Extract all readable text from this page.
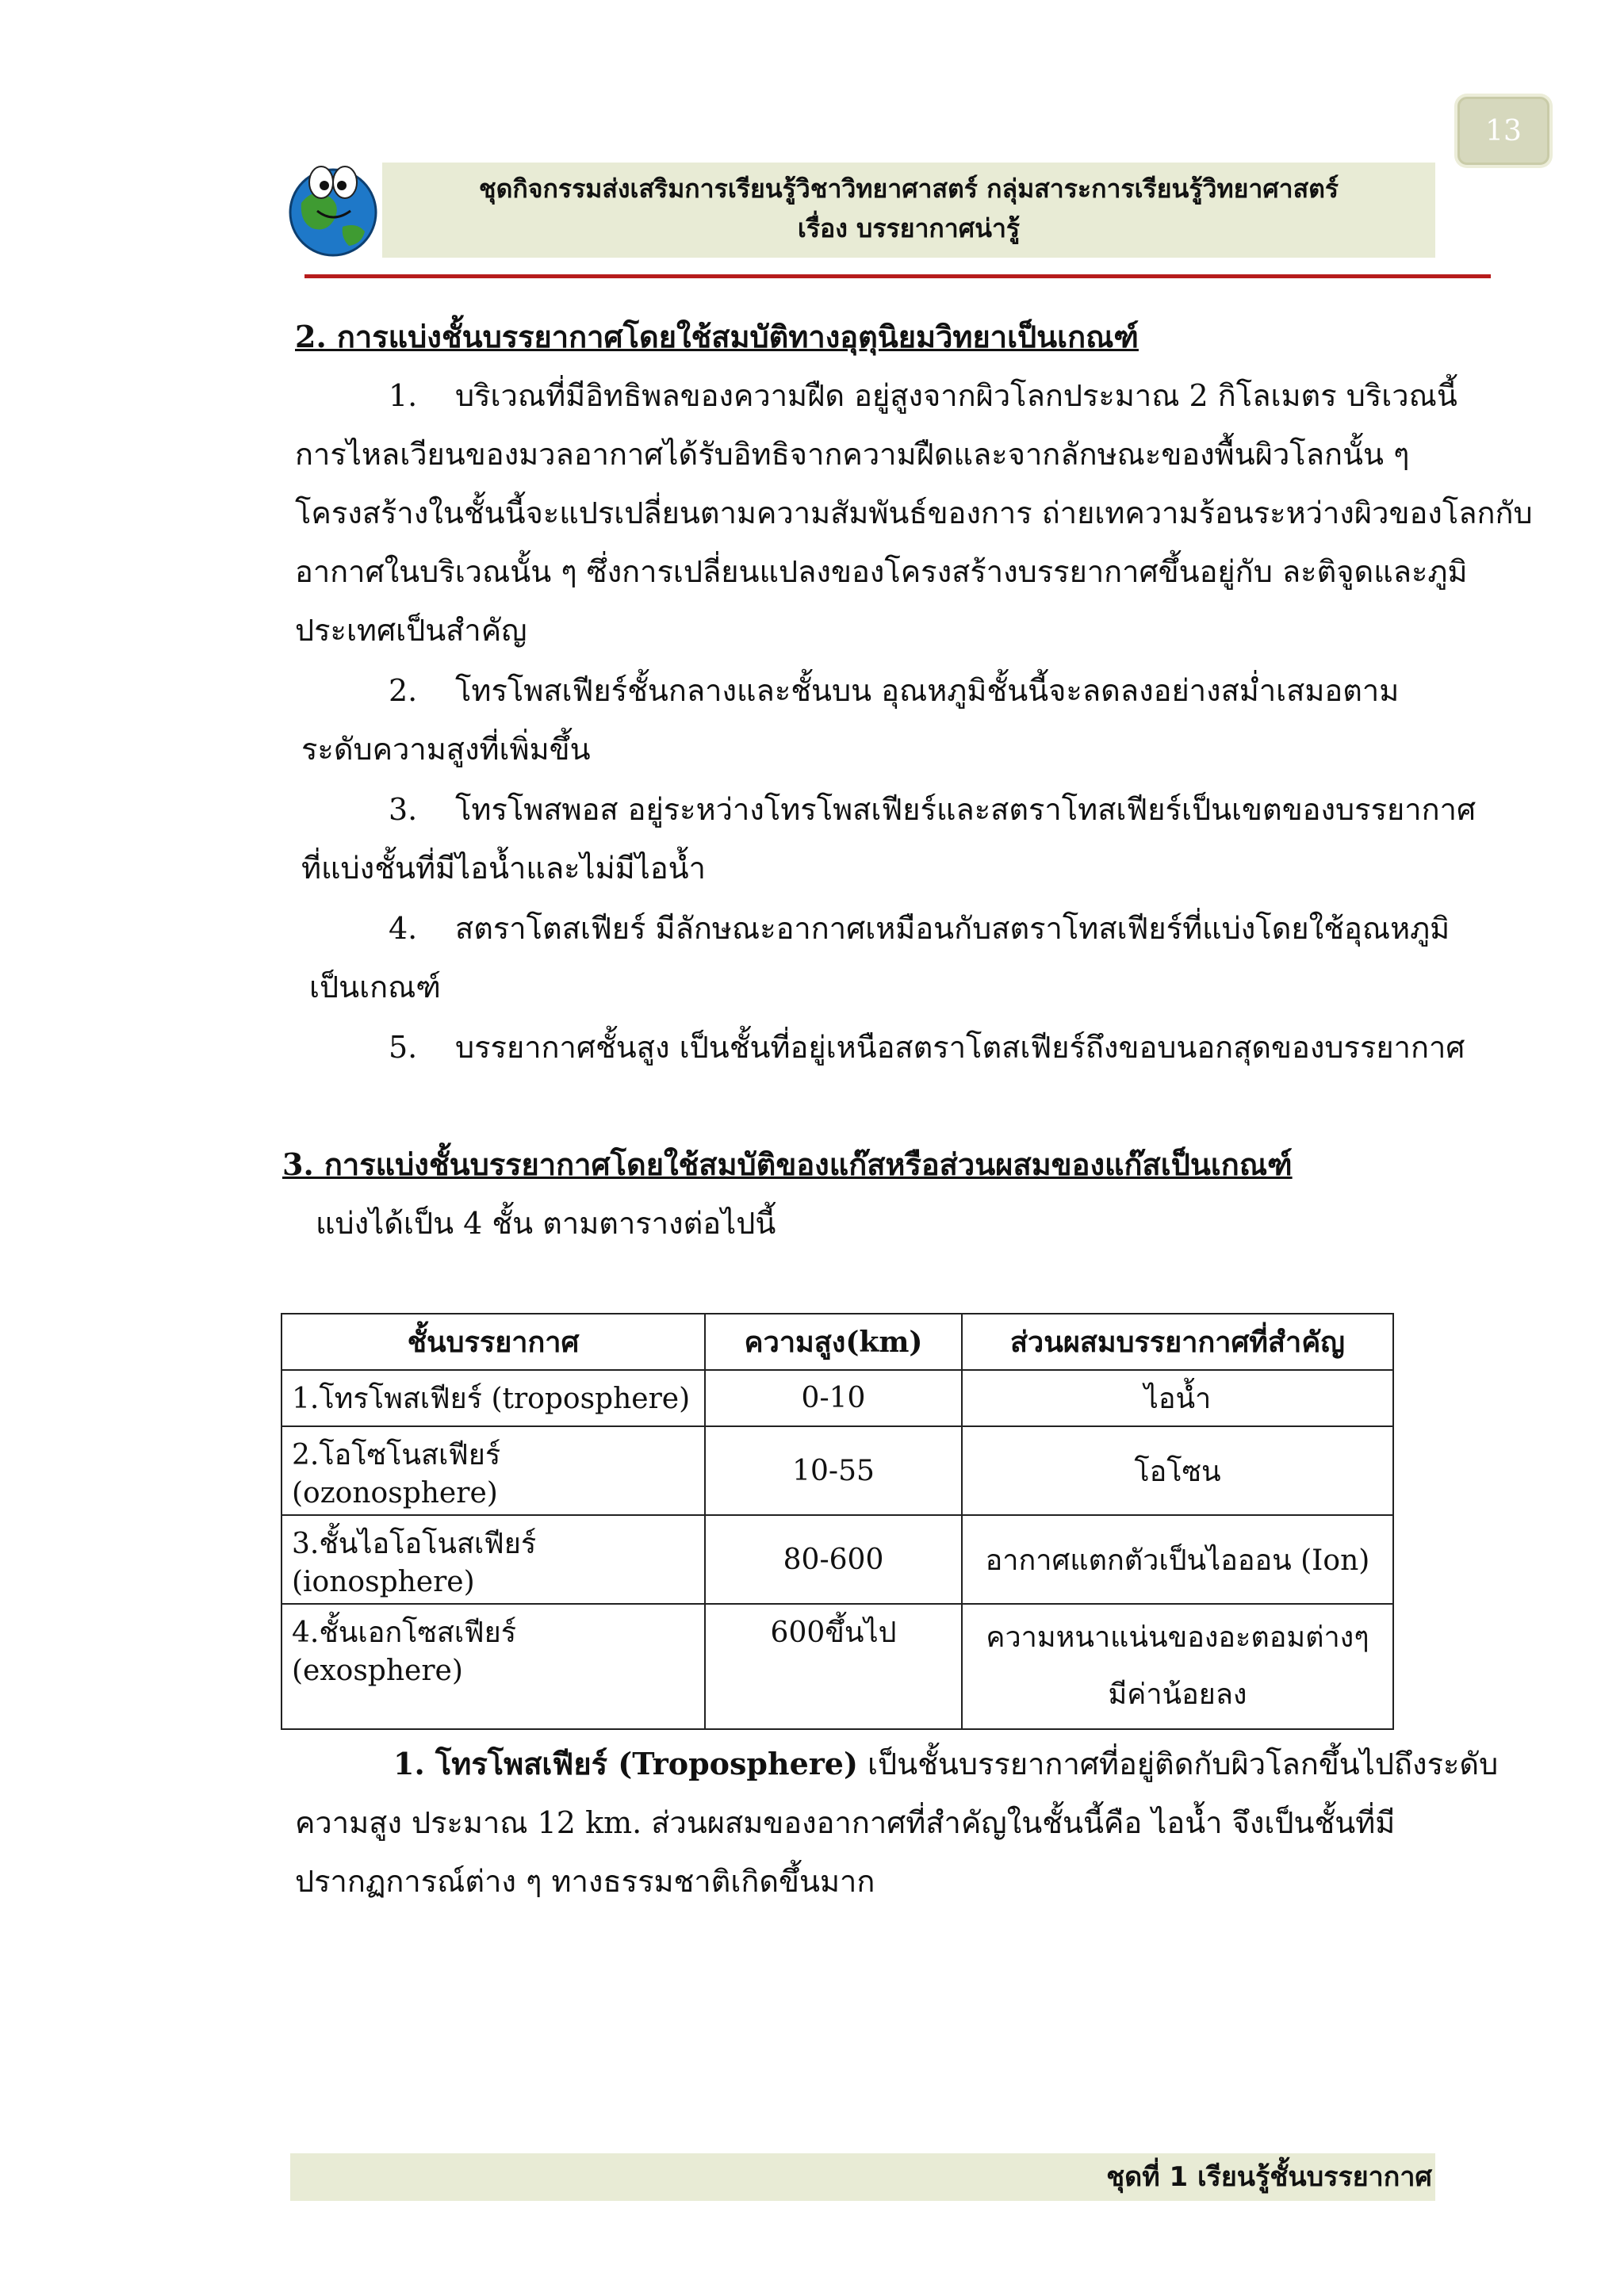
13
ชุดกิจกรรมส่งเสริมการเรียนรู้วิชาวิทยาศาสตร์ กลุ่มสาระการเรียนรู้วิทยาศาสตร์
เรื่อง บรรยากาศน่ารู้
2. การแบ่งชั้นบรรยากาศโดยใช้สมบัติทางอุตุนิยมวิทยาเป็นเกณฑ์
1. บริเวณที่มีอิทธิพลของความฝืด อยู่สูงจากผิวโลกประมาณ 2 กิโลเมตร บริเวณนี้
การไหลเวียนของมวลอากาศได้รับอิทธิจากความฝืดและจากลักษณะของพื้นผิวโลกนั้น ๆ
โครงสร้างในชั้นนี้จะแปรเปลี่ยนตามความสัมพันธ์ของการ ถ่ายเทความร้อนระหว่างผิวของโลกกับ
อากาศในบริเวณนั้น ๆ ซึ่งการเปลี่ยนแปลงของโครงสร้างบรรยากาศขึ้นอยู่กับ ละติจูดและภูมิ
ประเทศเป็นสำคัญ
2. โทรโพสเฟียร์ชั้นกลางและชั้นบน อุณหภูมิชั้นนี้จะลดลงอย่างสม่ำเสมอตาม
ระดับความสูงที่เพิ่มขึ้น
3. โทรโพสพอส อยู่ระหว่างโทรโพสเฟียร์และสตราโทสเฟียร์เป็นเขตของบรรยากาศ
ที่แบ่งชั้นที่มีไอน้ำและไม่มีไอน้ำ
4. สตราโตสเฟียร์ มีลักษณะอากาศเหมือนกับสตราโทสเฟียร์ที่แบ่งโดยใช้อุณหภูมิ
เป็นเกณฑ์
5. บรรยากาศชั้นสูง เป็นชั้นที่อยู่เหนือสตราโตสเฟียร์ถึงขอบนอกสุดของบรรยากาศ
3. การแบ่งชั้นบรรยากาศโดยใช้สมบัติของแก๊สหรือส่วนผสมของแก๊สเป็นเกณฑ์
แบ่งได้เป็น 4 ชั้น ตามตารางต่อไปนี้
ชั้นบรรยากาศ	ความสูง(km)	ส่วนผสมบรรยากาศที่สำคัญ
1.โทรโพสเฟียร์ (troposphere)	0-10	ไอน้ำ
2.โอโซโนสเฟียร์ (ozonosphere)	10-55	โอโซน
3.ชั้นไอโอโนสเฟียร์ (ionosphere)	80-600	อากาศแตกตัวเป็นไอออน (Ion)
4.ชั้นเอกโซสเฟียร์ (exosphere)	600ขึ้นไป	ความหนาแน่นของอะตอมต่างๆ
มีค่าน้อยลง
1. โทรโพสเฟียร์ (Troposphere) เป็นชั้นบรรยากาศที่อยู่ติดกับผิวโลกขึ้นไปถึงระดับ
ความสูง ประมาณ 12 km. ส่วนผสมของอากาศที่สำคัญในชั้นนี้คือ ไอน้ำ จึงเป็นชั้นที่มี
ปรากฏการณ์ต่าง ๆ ทางธรรมชาติเกิดขึ้นมาก
ชุดที่ 1 เรียนรู้ชั้นบรรยากาศ
